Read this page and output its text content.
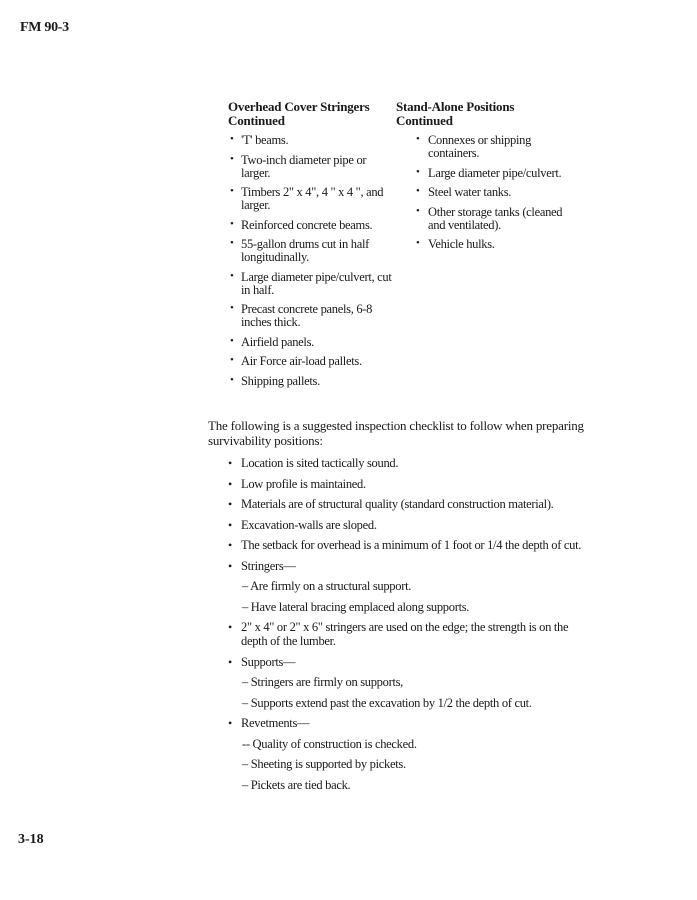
FM 90-3
Overhead Cover Stringers
Continued
• 'T' beams.
• Two-inch diameter pipe or larger.
• Timbers 2" x 4", 4 " x 4 ", and larger.
• Reinforced concrete beams.
• 55-gallon drums cut in half longitudinally.
• Large diameter pipe/culvert, cut in half.
• Precast concrete panels, 6-8 inches thick.
• Airfield panels.
• Air Force air-load pallets.
• Shipping pallets.
Stand-Alone Positions
Continued
• Connexes or shipping containers.
• Large diameter pipe/culvert.
• Steel water tanks.
• Other storage tanks (cleaned and ventilated).
• Vehicle hulks.
The following is a suggested inspection checklist to follow when preparing survivability positions:
• Location is sited tactically sound.
• Low profile is maintained.
• Materials are of structural quality (standard construction material).
• Excavation-walls are sloped.
• The setback for overhead is a minimum of 1 foot or 1/4 the depth of cut.
• Stringers—
– Are firmly on a structural support.
– Have lateral bracing emplaced along supports.
• 2" x 4" or 2" x 6" stringers are used on the edge; the strength is on the depth of the lumber.
• Supports—
– Stringers are firmly on supports,
– Supports extend past the excavation by 1/2 the depth of cut.
• Revetments—
-- Quality of construction is checked.
– Sheeting is supported by pickets.
– Pickets are tied back.
3-18
